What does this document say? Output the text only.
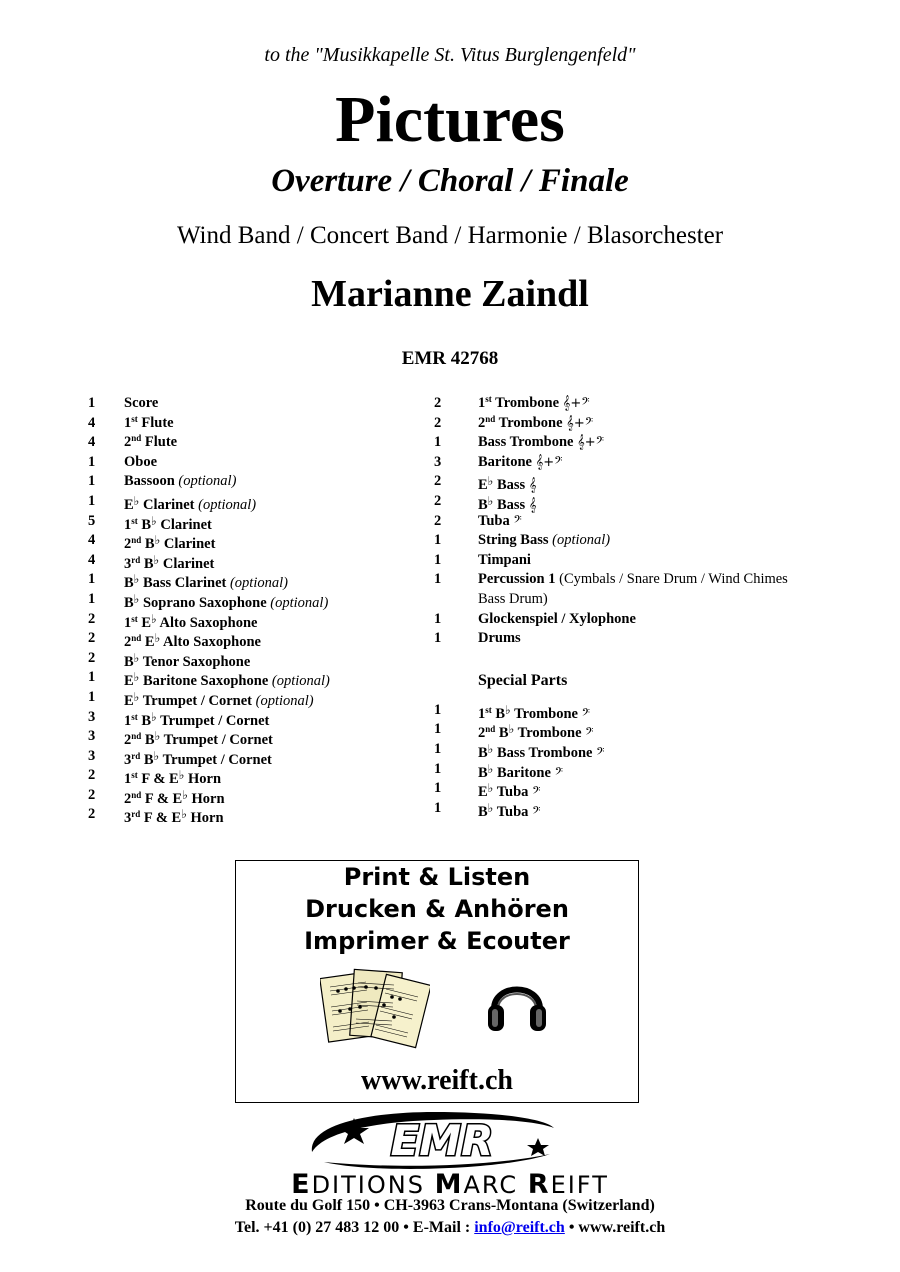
to the "Musikkapelle St. Vitus Burglengenfeld"
Pictures
Overture / Choral / Finale
Wind Band / Concert Band / Harmonie / Blasorchester
Marianne Zaindl
EMR 42768
1	Score
4	1st Flute
4	2nd Flute
1	Oboe
1	Bassoon (optional)
1	E♭ Clarinet (optional)
5	1st B♭ Clarinet
4	2nd B♭ Clarinet
4	3rd B♭ Clarinet
1	B♭ Bass Clarinet (optional)
1	B♭ Soprano Saxophone (optional)
2	1st E♭ Alto Saxophone
2	2nd E♭ Alto Saxophone
2	B♭ Tenor Saxophone
1	E♭ Baritone Saxophone (optional)
1	E♭ Trumpet / Cornet (optional)
3	1st B♭ Trumpet / Cornet
3	2nd B♭ Trumpet / Cornet
3	3rd B♭ Trumpet / Cornet
2	1st F & E♭ Horn
2	2nd F & E♭ Horn
2	3rd F & E♭ Horn
2	1st Trombone 𝄞+𝄢
2	2nd Trombone 𝄞+𝄢
1	Bass Trombone 𝄞+𝄢
3	Baritone 𝄞+𝄢
2	E♭ Bass 𝄞
2	B♭ Bass 𝄞
2	Tuba 𝄢
1	String Bass (optional)
1	Timpani
1	Percussion 1 (Cymbals / Snare Drum / Wind Chimes
Bass Drum)
1	Glockenspiel / Xylophone
1	Drums
Special Parts
1	1st B♭ Trombone 𝄢
1	2nd B♭ Trombone 𝄢
1	B♭ Bass Trombone 𝄢
1	B♭ Baritone 𝄢
1	E♭ Tuba 𝄢
1	B♭ Tuba 𝄢
Print & Listen
Drucken & Anhören
Imprimer & Ecouter
www.reift.ch
EMR
EDITIONS MARC REIFT
Route du Golf 150 • CH-3963 Crans-Montana (Switzerland)
Tel. +41 (0) 27 483 12 00 • E-Mail : info@reift.ch • www.reift.ch
